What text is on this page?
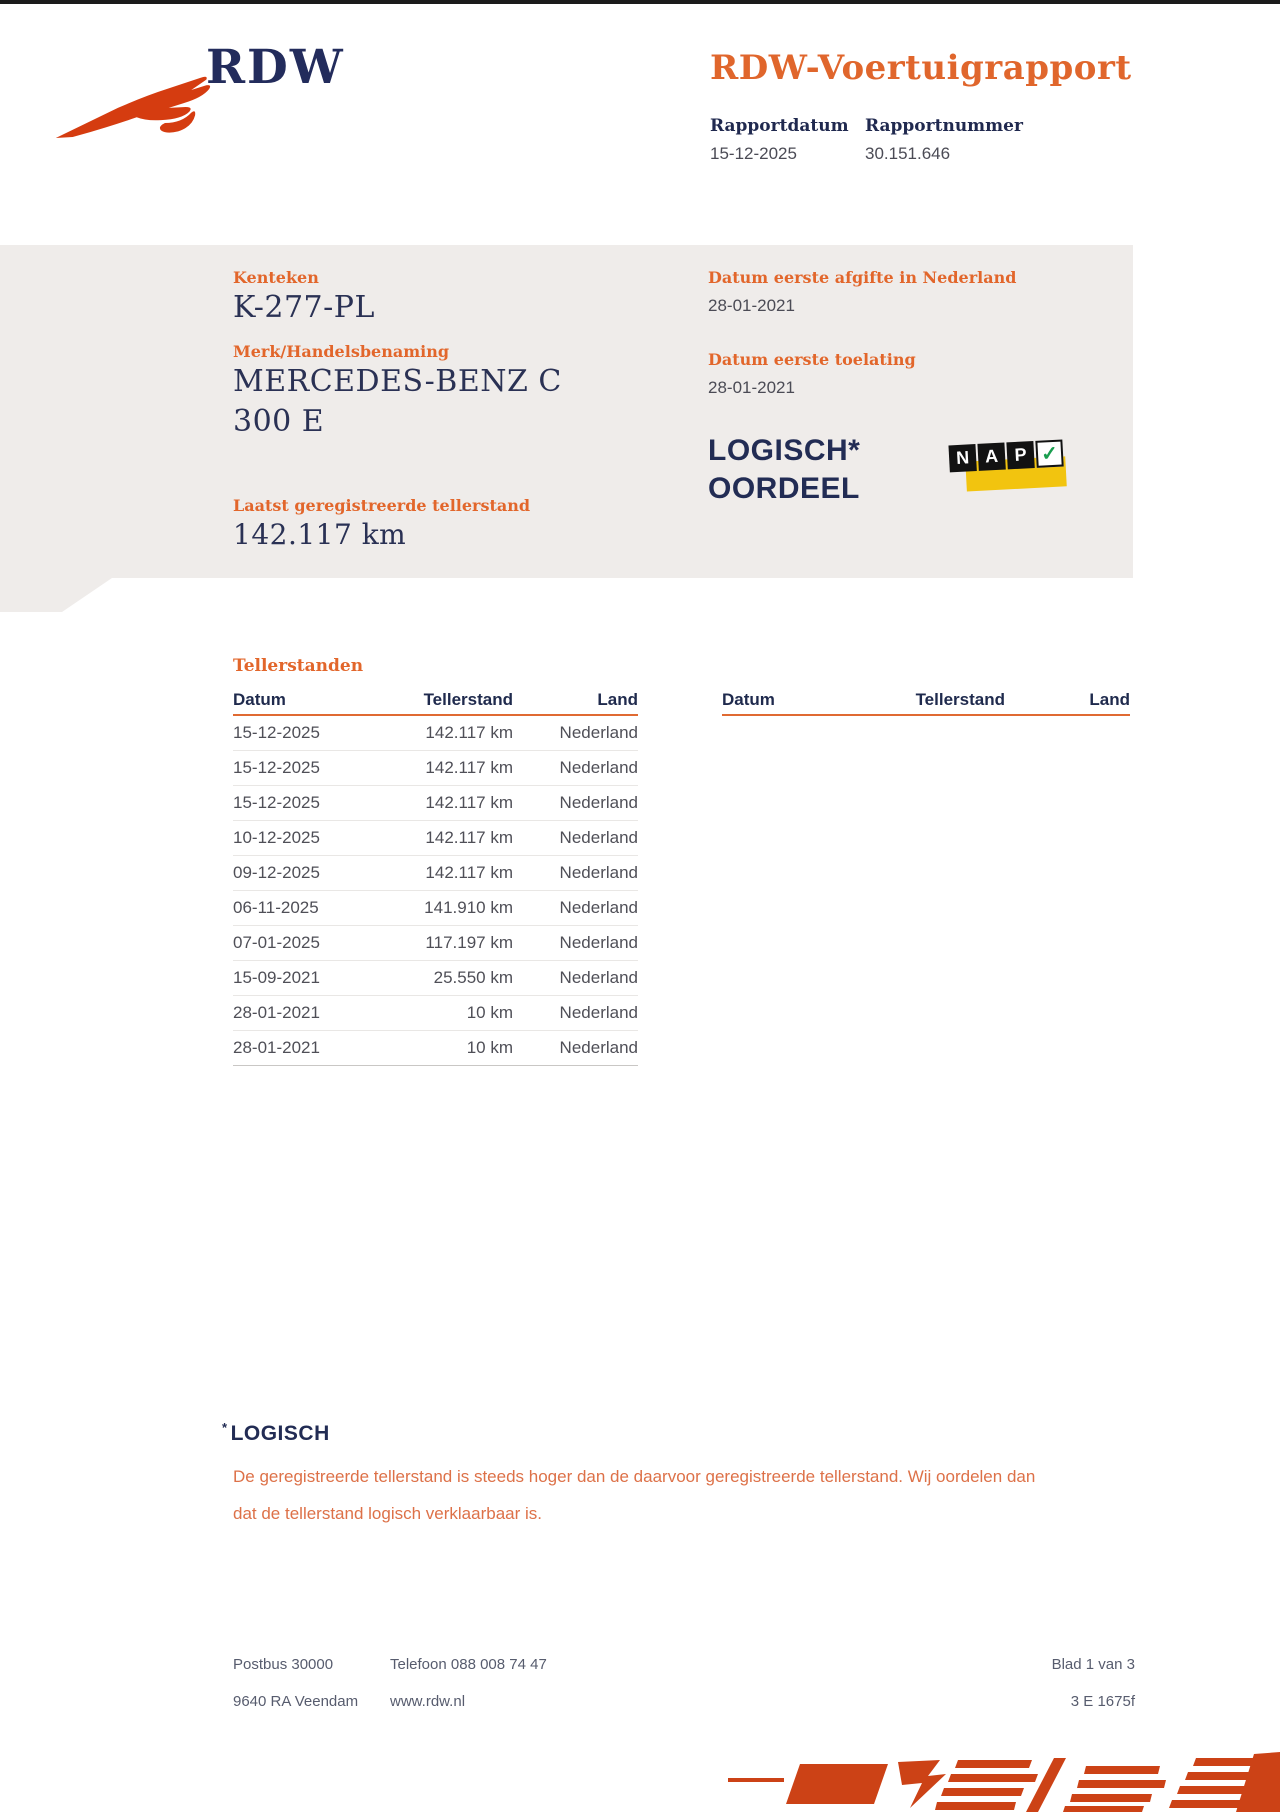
RDW	RDW-Voertuigrapport
Rapportdatum Rapportnummer
15-12-2025	30.151.646
Kenteken
K-277-PL
Merk/Handelsbenaming
MERCEDES-BENZ C
300 E
Laatst geregistreerde tellerstand
142.117 km
Datum eerste afgifte in Nederland
28-01-2021
Datum eerste toelating
28-01-2021
LOGISCH*
OORDEEL
N A P ✓
Tellerstanden
Datum	Tellerstand	Land
15-12-2025	142.117 km	Nederland
15-12-2025	142.117 km	Nederland
15-12-2025	142.117 km	Nederland
10-12-2025	142.117 km	Nederland
09-12-2025	142.117 km	Nederland
06-11-2025	141.910 km	Nederland
07-01-2025	117.197 km	Nederland
15-09-2021	25.550 km	Nederland
28-01-2021	10 km	Nederland
28-01-2021	10 km	Nederland
Datum	Tellerstand	Land
* LOGISCH
De geregistreerde tellerstand is steeds hoger dan de daarvoor geregistreerde tellerstand. Wij oordelen dan dat de tellerstand logisch verklaarbaar is.
Postbus 30000
9640 RA Veendam
Telefoon 088 008 74 47
www.rdw.nl
Blad 1 van 3
3 E 1675f
